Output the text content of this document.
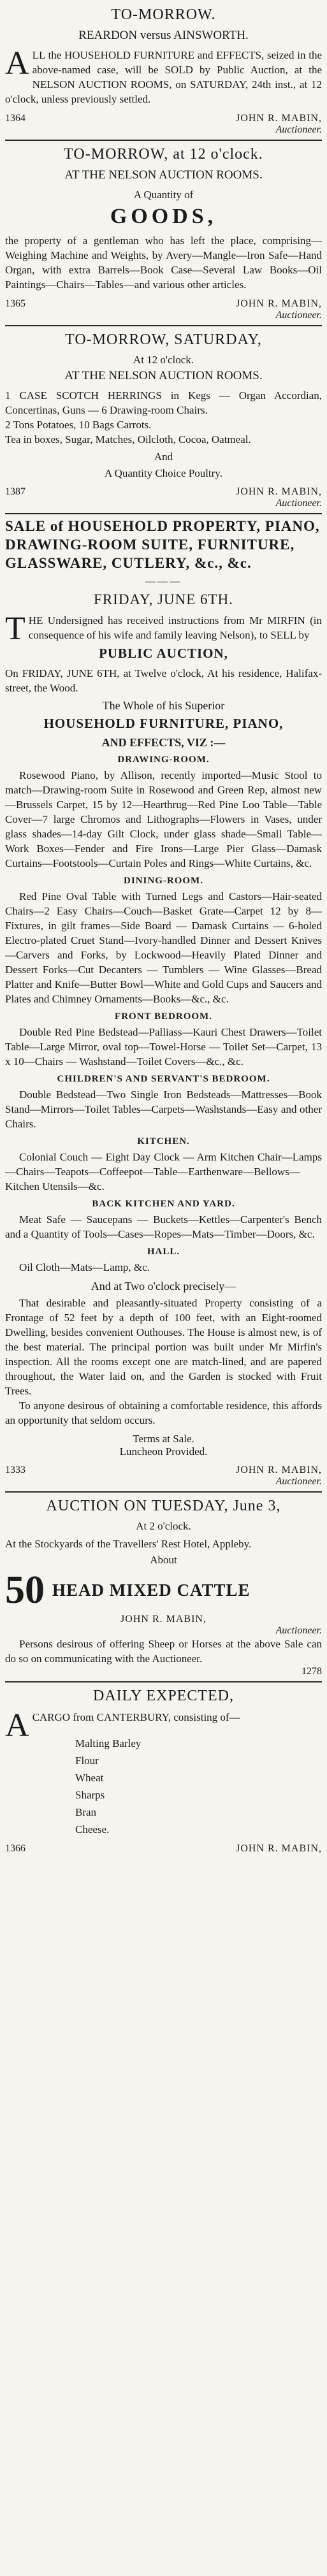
TO-MORROW.
REARDON versus AINSWORTH.

ALL the HOUSEHOLD FURNITURE and EFFECTS, seized in the above-named case, will be SOLD by Public Auction, at the NELSON AUCTION ROOMS, on SATURDAY, 24th inst., at 12 o'clock, unless previously settled.

1364	JOHN R. MABIN,
Auctioneer.
TO-MORROW, at 12 o'clock.
AT THE NELSON AUCTION ROOMS.
A Quantity of
GOODS,

the property of a gentleman who has left the place, comprising—Weighing Machine and Weights, by Avery—Mangle—Iron Safe—Hand Organ, with extra Barrels—Book Case—Several Law Books—Oil Paintings—Chairs—Tables—and various other articles.

1365	JOHN R. MABIN,
Auctioneer.
TO-MORROW, SATURDAY,
At 12 o'clock.
AT THE NELSON AUCTION ROOMS.

1 CASE SCOTCH HERRINGS in Kegs — Organ Accordian, Concertinas, Guns — 6 Drawing-room Chairs.

2 Tons Potatoes, 10 Bags Carrots.

Tea in boxes, Sugar, Matches, Oilcloth, Cocoa, Oatmeal.

And
A Quantity Choice Poultry.
1387	JOHN R. MABIN,
Auctioneer.
SALE of HOUSEHOLD PROPERTY, PIANO, DRAWING-ROOM SUITE, FURNITURE, GLASSWARE, CUTLERY, &c., &c.
———
FRIDAY, JUNE 6TH.

THE Undersigned has received instructions from Mr MIRFIN (in consequence of his wife and family leaving Nelson), to SELL by

PUBLIC AUCTION,

On FRIDAY, JUNE 6TH, at Twelve o'clock, At his residence, Halifax-street, the Wood.

The Whole of his Superior
HOUSEHOLD FURNITURE, PIANO,
AND EFFECTS, VIZ :—
DRAWING-ROOM.

Rosewood Piano, by Allison, recently imported—Music Stool to match—Drawing-room Suite in Rosewood and Green Rep, almost new—Brussels Carpet, 15 by 12—Hearthrug—Red Pine Loo Table—Table Cover—7 large Chromos and Lithographs—Flowers in Vases, under glass shades—14-day Gilt Clock, under glass shade—Small Table—Work Boxes—Fender and Fire Irons—Large Pier Glass—Damask Curtains—Footstools—Curtain Poles and Rings—White Curtains, &c.

DINING-ROOM.

Red Pine Oval Table with Turned Legs and Castors—Hair-seated Chairs—2 Easy Chairs—Couch—Basket Grate—Carpet 12 by 8—Fixtures, in gilt frames—Side Board — Damask Curtains — 6-holed Electro-plated Cruet Stand—Ivory-handled Dinner and Dessert Knives—Carvers and Forks, by Lockwood—Heavily Plated Dinner and Dessert Forks—Cut Decanters — Tumblers — Wine Glasses—Bread Platter and Knife—Butter Bowl—White and Gold Cups and Saucers and Plates and Chimney Ornaments—Books—&c., &c.

FRONT BEDROOM.

Double Red Pine Bedstead—Palliass—Kauri Chest Drawers—Toilet Table—Large Mirror, oval top—Towel-Horse — Toilet Set—Carpet, 13 x 10—Chairs — Washstand—Toilet Covers—&c., &c.

CHILDREN'S AND SERVANT'S BEDROOM.

Double Bedstead—Two Single Iron Bedsteads—Mattresses—Book Stand—Mirrors—Toilet Tables—Carpets—Washstands—Easy and other Chairs.

KITCHEN.

Colonial Couch — Eight Day Clock — Arm Kitchen Chair—Lamps—Chairs—Teapots—Coffeepot—Table—Earthenware—Bellows—Kitchen Utensils—&c.

BACK KITCHEN AND YARD.

Meat Safe — Saucepans — Buckets—Kettles—Carpenter's Bench and a Quantity of Tools—Cases—Ropes—Mats—Timber—Doors, &c.

HALL.

Oil Cloth—Mats—Lamp, &c.

And at Two o'clock precisely—

That desirable and pleasantly-situated Property consisting of a Frontage of 52 feet by a depth of 100 feet, with an Eight-roomed Dwelling, besides convenient Outhouses. The House is almost new, is of the best material. The principal portion was built under Mr Mirfin's inspection. All the rooms except one are match-lined, and are papered throughout, the Water laid on, and the Garden is stocked with Fruit Trees.

To anyone desirous of obtaining a comfortable residence, this affords an opportunity that seldom occurs.

Terms at Sale.
Luncheon Provided.
1333	JOHN R. MABIN,
Auctioneer.
AUCTION ON TUESDAY, June 3,
At 2 o'clock.

At the Stockyards of the Travellers' Rest Hotel, Appleby.

About
50 HEAD MIXED CATTLE
JOHN R. MABIN,
Auctioneer.

Persons desirous of offering Sheep or Horses at the above Sale can do so on communicating with the Auctioneer.

1278
DAILY EXPECTED,

ACARGO from CANTERBURY, consisting of—

Malting Barley
Flour
Wheat
Sharps
Bran
Cheese.
1366	JOHN R. MABIN,
